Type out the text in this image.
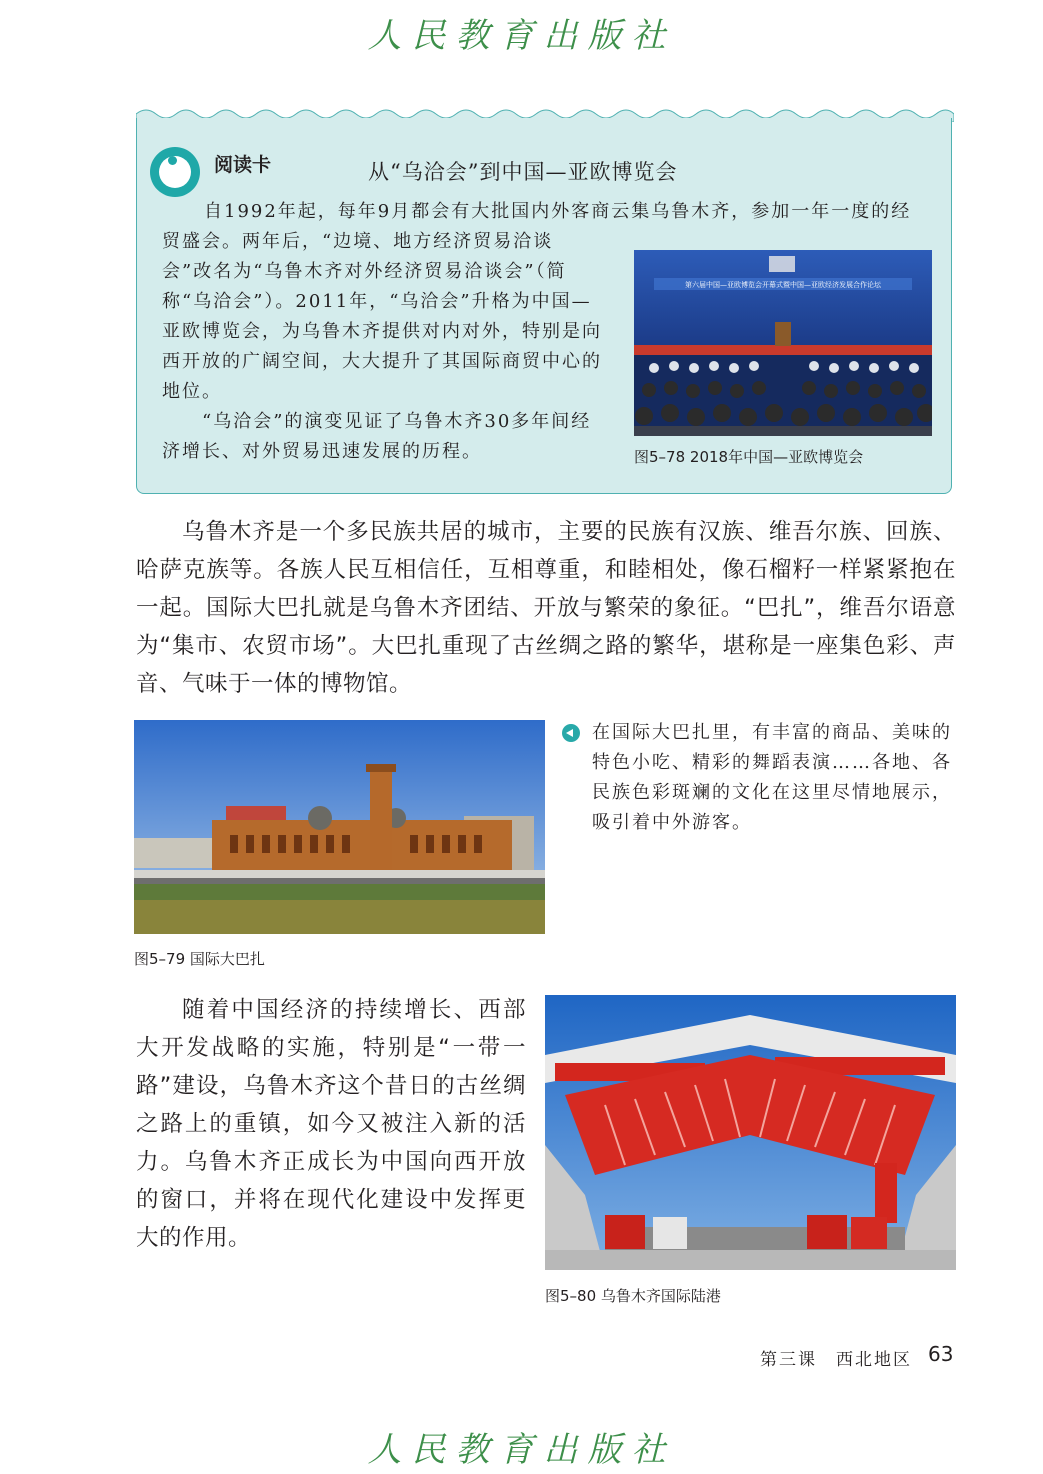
人民教育出版社
阅读卡	从“乌洽会”到中国—亚欧博览会
自1992年起，每年9月都会有大批国内外客商云集乌鲁木齐，参加一年一度的经

贸盛会。两年后，“边境、地方经济贸易洽谈会”改名为“乌鲁木齐对外经济贸易洽谈会”（简称“乌洽会”）。2011年，“乌洽会”升格为中国—亚欧博览会，为乌鲁木齐提供对内对外，特别是向西开放的广阔空间，大大提升了其国际商贸中心的地位。

“乌洽会”的演变见证了乌鲁木齐30多年间经济增长、对外贸易迅速发展的历程。

第六届中国—亚欧博览会开幕式暨中国—亚欧经济发展合作论坛
图5–78 2018年中国—亚欧博览会
乌鲁木齐是一个多民族共居的城市，主要的民族有汉族、维吾尔族、回族、哈萨克族等。各族人民互相信任，互相尊重，和睦相处，像石榴籽一样紧紧抱在一起。国际大巴扎就是乌鲁木齐团结、开放与繁荣的象征。“巴扎”，维吾尔语意为“集市、农贸市场”。大巴扎重现了古丝绸之路的繁华，堪称是一座集色彩、声音、气味于一体的博物馆。
图5–79 国际大巴扎
在国际大巴扎里，有丰富的商品、美味的特色小吃、精彩的舞蹈表演……各地、各民族色彩斑斓的文化在这里尽情地展示，吸引着中外游客。
随着中国经济的持续增长、西部大开发战略的实施，特别是“一带一路”建设，乌鲁木齐这个昔日的古丝绸之路上的重镇，如今又被注入新的活力。乌鲁木齐正成长为中国向西开放的窗口，并将在现代化建设中发挥更大的作用。
图5–80 乌鲁木齐国际陆港
第三课　西北地区 63
人民教育出版社
